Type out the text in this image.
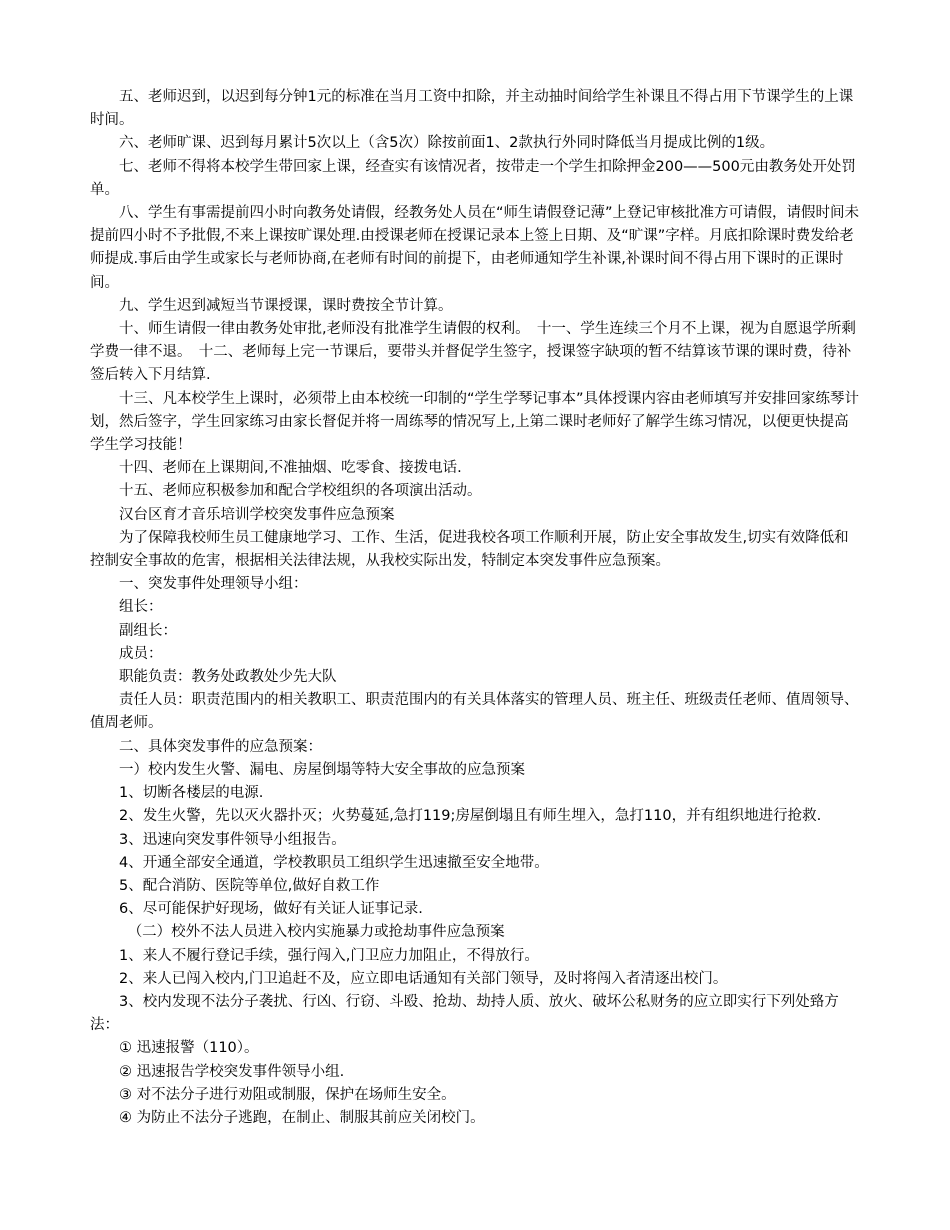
五、老师迟到，以迟到每分钟1元的标准在当月工资中扣除，并主动抽时间给学生补课且不得占用下节课学生的上课时间。

六、老师旷课、迟到每月累计5次以上（含5次）除按前面1、2款执行外同时降低当月提成比例的1级。

七、老师不得将本校学生带回家上课，经查实有该情况者，按带走一个学生扣除押金200——500元由教务处开处罚单。

八、学生有事需提前四小时向教务处请假，经教务处人员在“师生请假登记薄”上登记审核批准方可请假，请假时间未提前四小时不予批假,不来上课按旷课处理.由授课老师在授课记录本上签上日期、及“旷课”字样。月底扣除课时费发给老师提成.事后由学生或家长与老师协商,在老师有时间的前提下，由老师通知学生补课,补课时间不得占用下课时的正课时间。

九、学生迟到减短当节课授课，课时费按全节计算。

十、师生请假一律由教务处审批,老师没有批准学生请假的权利。　十一、学生连续三个月不上课，视为自愿退学所剩学费一律不退。　十二、老师每上完一节课后，要带头并督促学生签字，授课签字缺项的暂不结算该节课的课时费，待补签后转入下月结算.

十三、凡本校学生上课时，必须带上由本校统一印制的“学生学琴记事本”具体授课内容由老师填写并安排回家练琴计划，然后签字，学生回家练习由家长督促并将一周练琴的情况写上,上第二课时老师好了解学生练习情况，以便更快提高学生学习技能！

十四、老师在上课期间,不准抽烟、吃零食、接拨电话.

十五、老师应积极参加和配合学校组织的各项演出活动。

汉台区育才音乐培训学校突发事件应急预案

为了保障我校师生员工健康地学习、工作、生活，促进我校各项工作顺利开展，防止安全事故发生,切实有效降低和控制安全事故的危害，根据相关法律法规，从我校实际出发，特制定本突发事件应急预案。

一、突发事件处理领导小组：

组长：

副组长：

成员：

职能负责：教务处政教处少先大队

责任人员：职责范围内的相关教职工、职责范围内的有关具体落实的管理人员、班主任、班级责任老师、值周领导、值周老师。

二、具体突发事件的应急预案：

一）校内发生火警、漏电、房屋倒塌等特大安全事故的应急预案

1、切断各楼层的电源.

2、发生火警，先以灭火器扑灭；火势蔓延,急打119;房屋倒塌且有师生埋入，急打110，并有组织地进行抢救.

3、迅速向突发事件领导小组报告。

4、开通全部安全通道，学校教职员工组织学生迅速撤至安全地带。

5、配合消防、医院等单位,做好自救工作

6、尽可能保护好现场，做好有关证人证事记录.

（二）校外不法人员进入校内实施暴力或抢劫事件应急预案

1、来人不履行登记手续，强行闯入,门卫应力加阻止，不得放行。

2、来人已闯入校内,门卫追赶不及，应立即电话通知有关部门领导，及时将闯入者清逐出校门。

3、校内发现不法分子袭扰、行凶、行窃、斗殴、抢劫、劫持人质、放火、破坏公私财务的应立即实行下列处臵方法：

① 迅速报警（110）。

② 迅速报告学校突发事件领导小组.

③ 对不法分子进行劝阻或制服，保护在场师生安全。

④ 为防止不法分子逃跑，在制止、制服其前应关闭校门。
